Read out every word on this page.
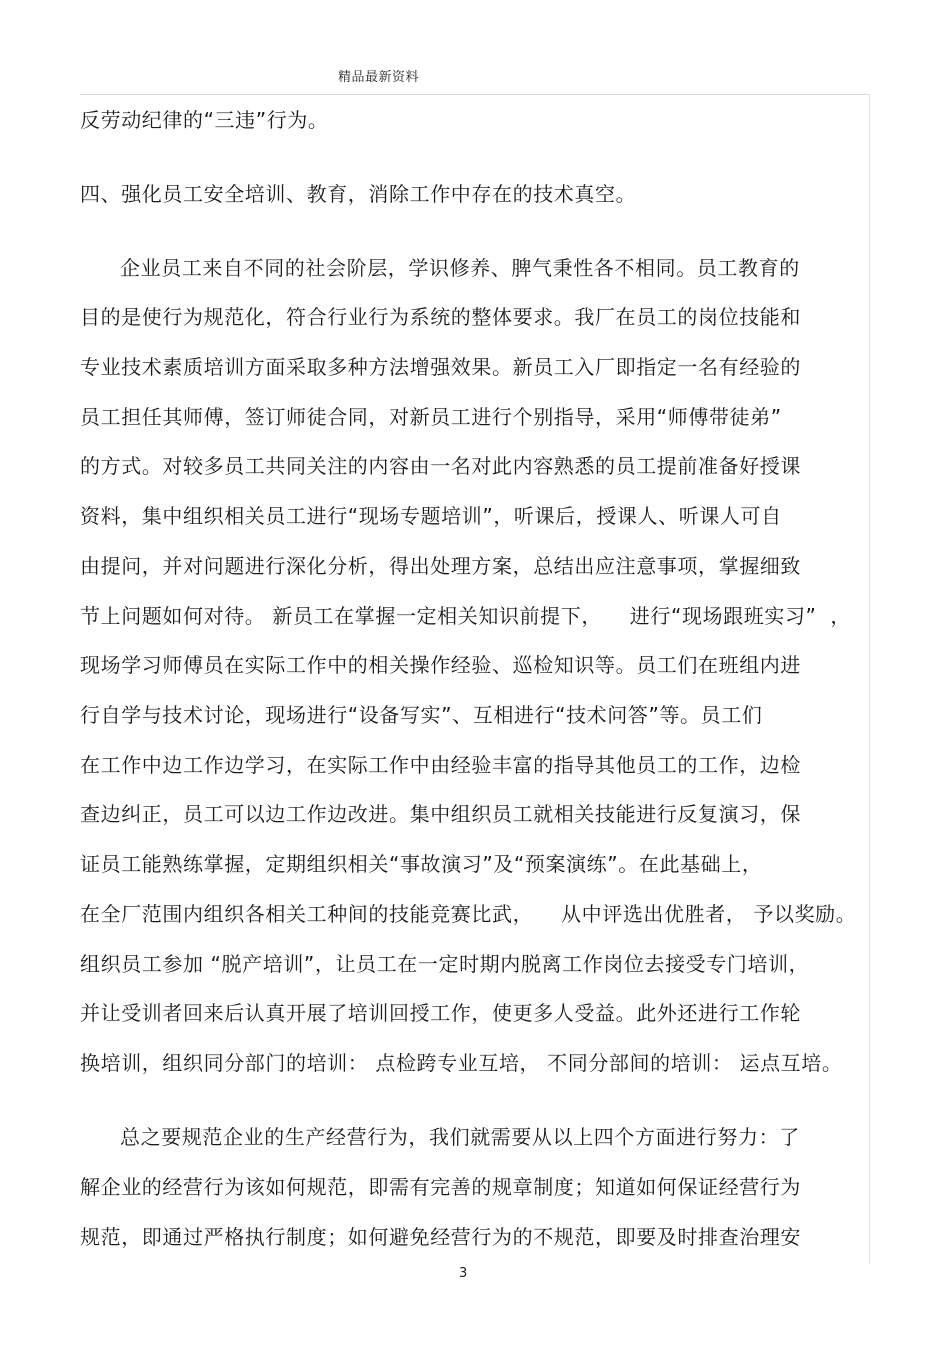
精品最新资料
反劳动纪律的“三违”行为。
四、强化员工安全培训、教育，消除工作中存在的技术真空。
企业员工来自不同的社会阶层，学识修养、脾气秉性各不相同。员工教育的
目的是使行为规范化，符合行业行为系统的整体要求。我厂在员工的岗位技能和
专业技术素质培训方面采取多种方法增强效果。新员工入厂即指定一名有经验的
员工担任其师傅，签订师徒合同，对新员工进行个别指导，采用“师傅带徒弟”
的方式。对较多员工共同关注的内容由一名对此内容熟悉的员工提前准备好授课
资料，集中组织相关员工进行“现场专题培训”，听课后，授课人、听课人可自
由提问，并对问题进行深化分析，得出处理方案，总结出应注意事项，掌握细致
节上问题如何对待。 新员工在掌握一定相关知识前提下，    进行“现场跟班实习”  ，
现场学习师傅员在实际工作中的相关操作经验、巡检知识等。员工们在班组内进
行自学与技术讨论，现场进行“设备写实”、互相进行“技术问答”等。员工们
在工作中边工作边学习，在实际工作中由经验丰富的指导其他员工的工作，边检
查边纠正，员工可以边工作边改进。集中组织员工就相关技能进行反复演习，保
证员工能熟练掌握，定期组织相关“事故演习”及“预案演练”。在此基础上，
在全厂范围内组织各相关工种间的技能竞赛比武，    从中评选出优胜者， 予以奖励。
组织员工参加 “脱产培训”，让员工在一定时期内脱离工作岗位去接受专门培训，
并让受训者回来后认真开展了培训回授工作，使更多人受益。此外还进行工作轮
换培训，组织同分部门的培训： 点检跨专业互培， 不同分部间的培训： 运点互培。
总之要规范企业的生产经营行为，我们就需要从以上四个方面进行努力：了
解企业的经营行为该如何规范，即需有完善的规章制度；知道如何保证经营行为
规范，即通过严格执行制度；如何避免经营行为的不规范，即要及时排查治理安
3
